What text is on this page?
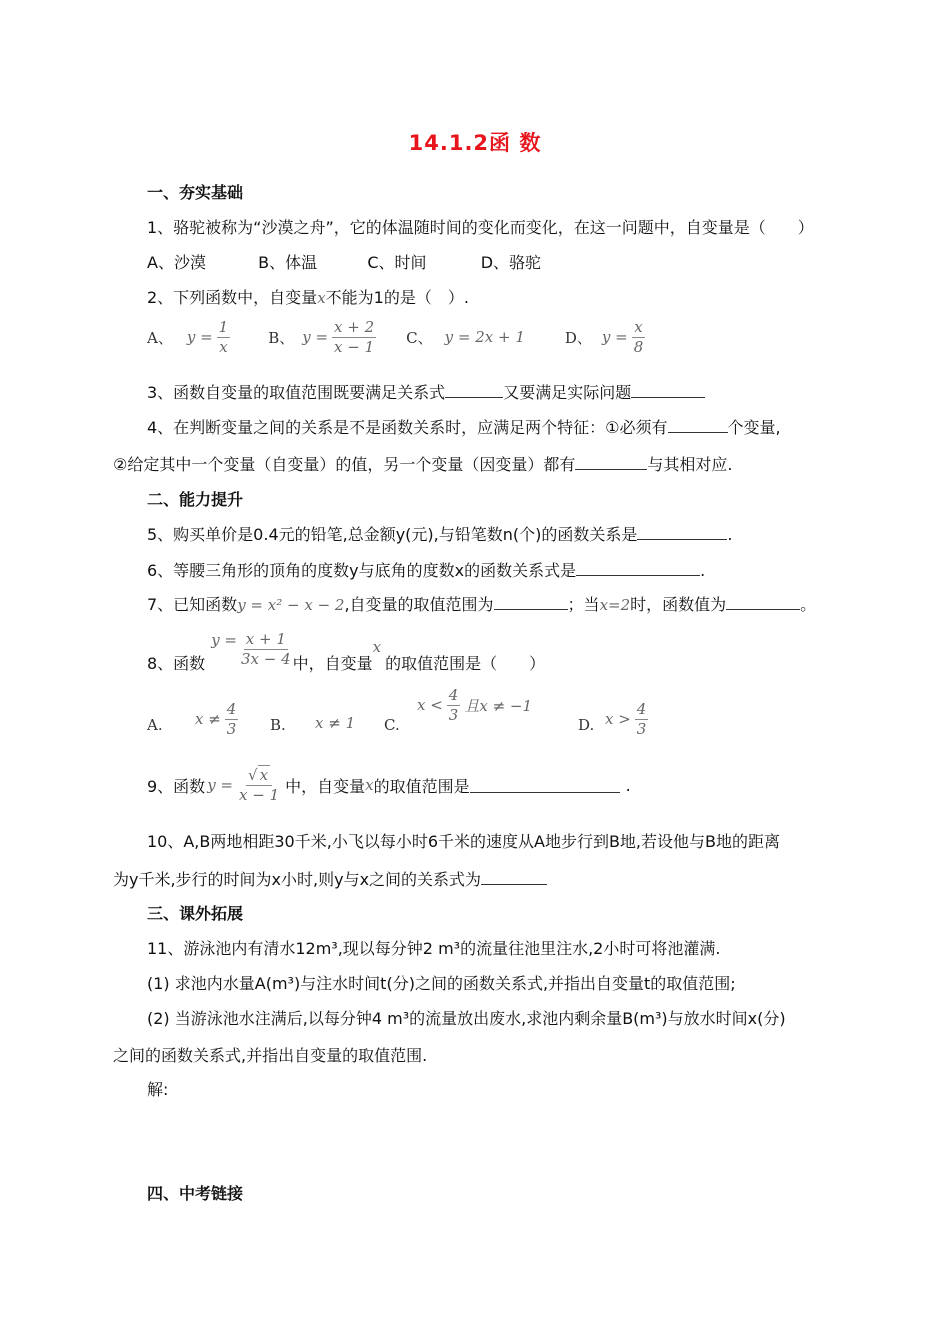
14.1.2函 数
一、夯实基础
1、骆驼被称为“沙漠之舟”，它的体温随时间的变化而变化，在这一问题中，自变量是（　　）
A、沙漠	B、体温	C、时间	D、骆驼
2、下列函数中，自变量x不能为1的是（　）.
A、 $y = \frac{1}{x}$	B、 $y = \frac{x + 2}{x - 1}$ C、 y = 2x + 1	D、 $y = \frac{x}{8}$
3、函数自变量的取值范围既要满足关系式	又要满足实际问题
4、在判断变量之间的关系是不是函数关系时，应满足两个特征：①必须有	个变量,
②给定其中一个变量（自变量）的值，另一个变量（因变量）都有	与其相对应.
二、能力提升
5、购买单价是0.4元的铅笔,总金额y(元),与铅笔数n(个)的函数关系是	.
6、等腰三角形的顶角的度数y与底角的度数x的函数关系式是	.
7、已知函数y = x² − x − 2,自变量的取值范围为	；当x=2时，函数值为	。
8、函数
$y = \frac{x + 1}{3x - 4}$ 中，自变量
x
的取值范围是（　　）
A. $x \ne \frac{4}{3} B$. x ≠ 1 C.
$x < \frac{4}{3}$ 且x ≠ −1
D. $x > \frac{4}{3}$
9、函数 $y = \frac{√ x}{x - 1}$ 中，自变量 x 的取值范围是	.
10、A,B两地相距30千米,小飞以每小时6千米的速度从A地步行到B地,若设他与B地的距离
为y千米,步行的时间为x小时,则y与x之间的关系式为
三、课外拓展
11、游泳池内有清水12m³,现以每分钟2 m³的流量往池里注水,2小时可将池灌满.
(1) 求池内水量A(m³)与注水时间t(分)之间的函数关系式,并指出自变量t的取值范围;
(2) 当游泳池水注满后,以每分钟4 m³的流量放出废水,求池内剩余量B(m³)与放水时间x(分)
之间的函数关系式,并指出自变量的取值范围.
解:
四、中考链接
